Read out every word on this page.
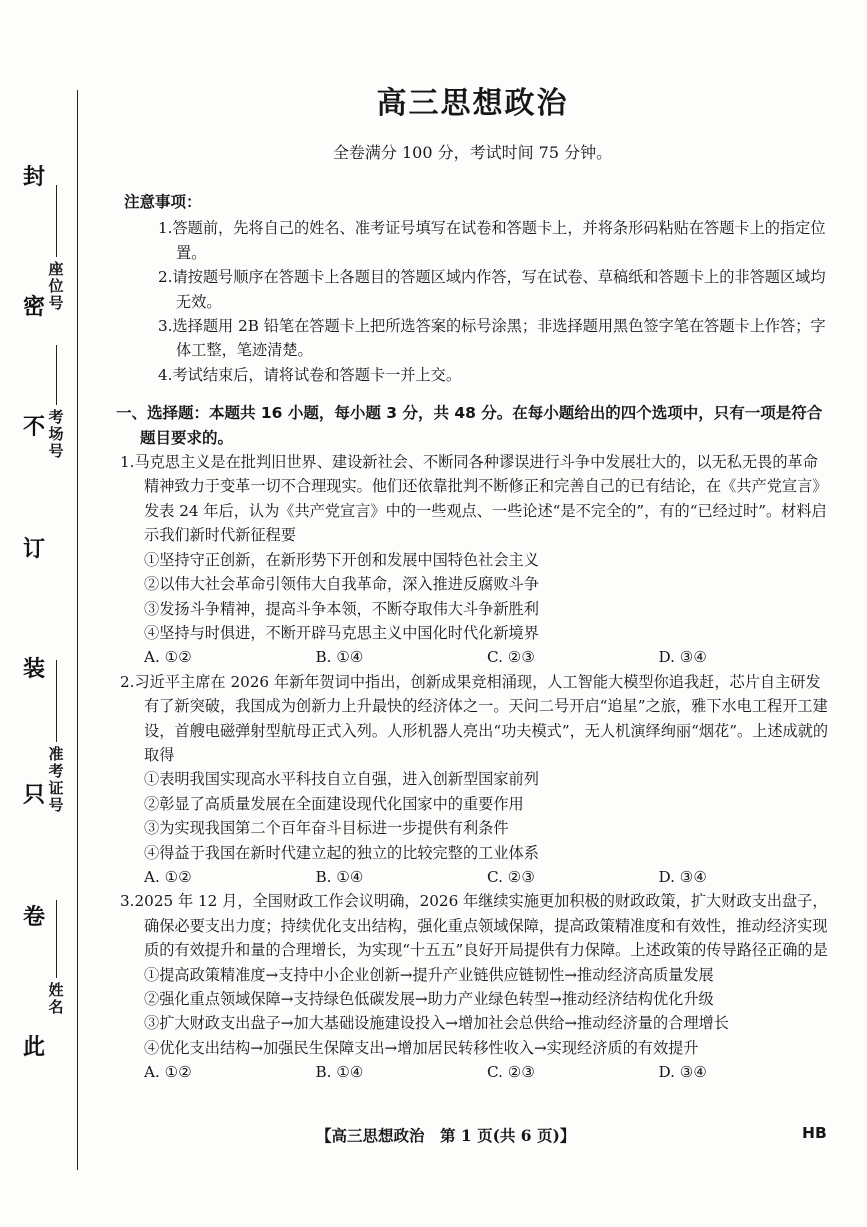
封
密
不
订
装
只
卷
此
座位号
考场号
准考证号
姓名
高三思想政治
全卷满分 100 分，考试时间 75 分钟。
注意事项：
1.答题前，先将自己的姓名、准考证号填写在试卷和答题卡上，并将条形码粘贴在答题卡上的指定位置。
2.请按题号顺序在答题卡上各题目的答题区域内作答，写在试卷、草稿纸和答题卡上的非答题区域均无效。
3.选择题用 2B 铅笔在答题卡上把所选答案的标号涂黑；非选择题用黑色签字笔在答题卡上作答；字体工整，笔迹清楚。
4.考试结束后，请将试卷和答题卡一并上交。
一、选择题：本题共 16 小题，每小题 3 分，共 48 分。在每小题给出的四个选项中，只有一项是符合题目要求的。
1.马克思主义是在批判旧世界、建设新社会、不断同各种谬误进行斗争中发展壮大的，以无私无畏的革命精神致力于变革一切不合理现实。他们还依靠批判不断修正和完善自己的已有结论，在《共产党宣言》发表 24 年后，认为《共产党宣言》中的一些观点、一些论述“是不完全的”，有的“已经过时”。材料启示我们新时代新征程要
①坚持守正创新，在新形势下开创和发展中国特色社会主义
②以伟大社会革命引领伟大自我革命，深入推进反腐败斗争
③发扬斗争精神，提高斗争本领，不断夺取伟大斗争新胜利
④坚持与时俱进，不断开辟马克思主义中国化时代化新境界
A. ①②	B. ①④	C. ②③	D. ③④
2.习近平主席在 2026 年新年贺词中指出，创新成果竞相涌现，人工智能大模型你追我赶，芯片自主研发有了新突破，我国成为创新力上升最快的经济体之一。天问二号开启“追星”之旅，雅下水电工程开工建设，首艘电磁弹射型航母正式入列。人形机器人亮出“功夫模式”，无人机演绎绚丽“烟花”。上述成就的取得
①表明我国实现高水平科技自立自强，进入创新型国家前列
②彰显了高质量发展在全面建设现代化国家中的重要作用
③为实现我国第二个百年奋斗目标进一步提供有利条件
④得益于我国在新时代建立起的独立的比较完整的工业体系
A. ①②	B. ①④	C. ②③	D. ③④
3.2025 年 12 月，全国财政工作会议明确，2026 年继续实施更加积极的财政政策，扩大财政支出盘子，确保必要支出力度；持续优化支出结构，强化重点领域保障，提高政策精准度和有效性，推动经济实现质的有效提升和量的合理增长，为实现“十五五”良好开局提供有力保障。上述政策的传导路径正确的是
①提高政策精准度→支持中小企业创新→提升产业链供应链韧性→推动经济高质量发展
②强化重点领域保障→支持绿色低碳发展→助力产业绿色转型→推动经济结构优化升级
③扩大财政支出盘子→加大基础设施建设投入→增加社会总供给→推动经济量的合理增长
④优化支出结构→加强民生保障支出→增加居民转移性收入→实现经济质的有效提升
A. ①②	B. ①④	C. ②③	D. ③④
【高三思想政治　第 1 页(共 6 页)】	HB
